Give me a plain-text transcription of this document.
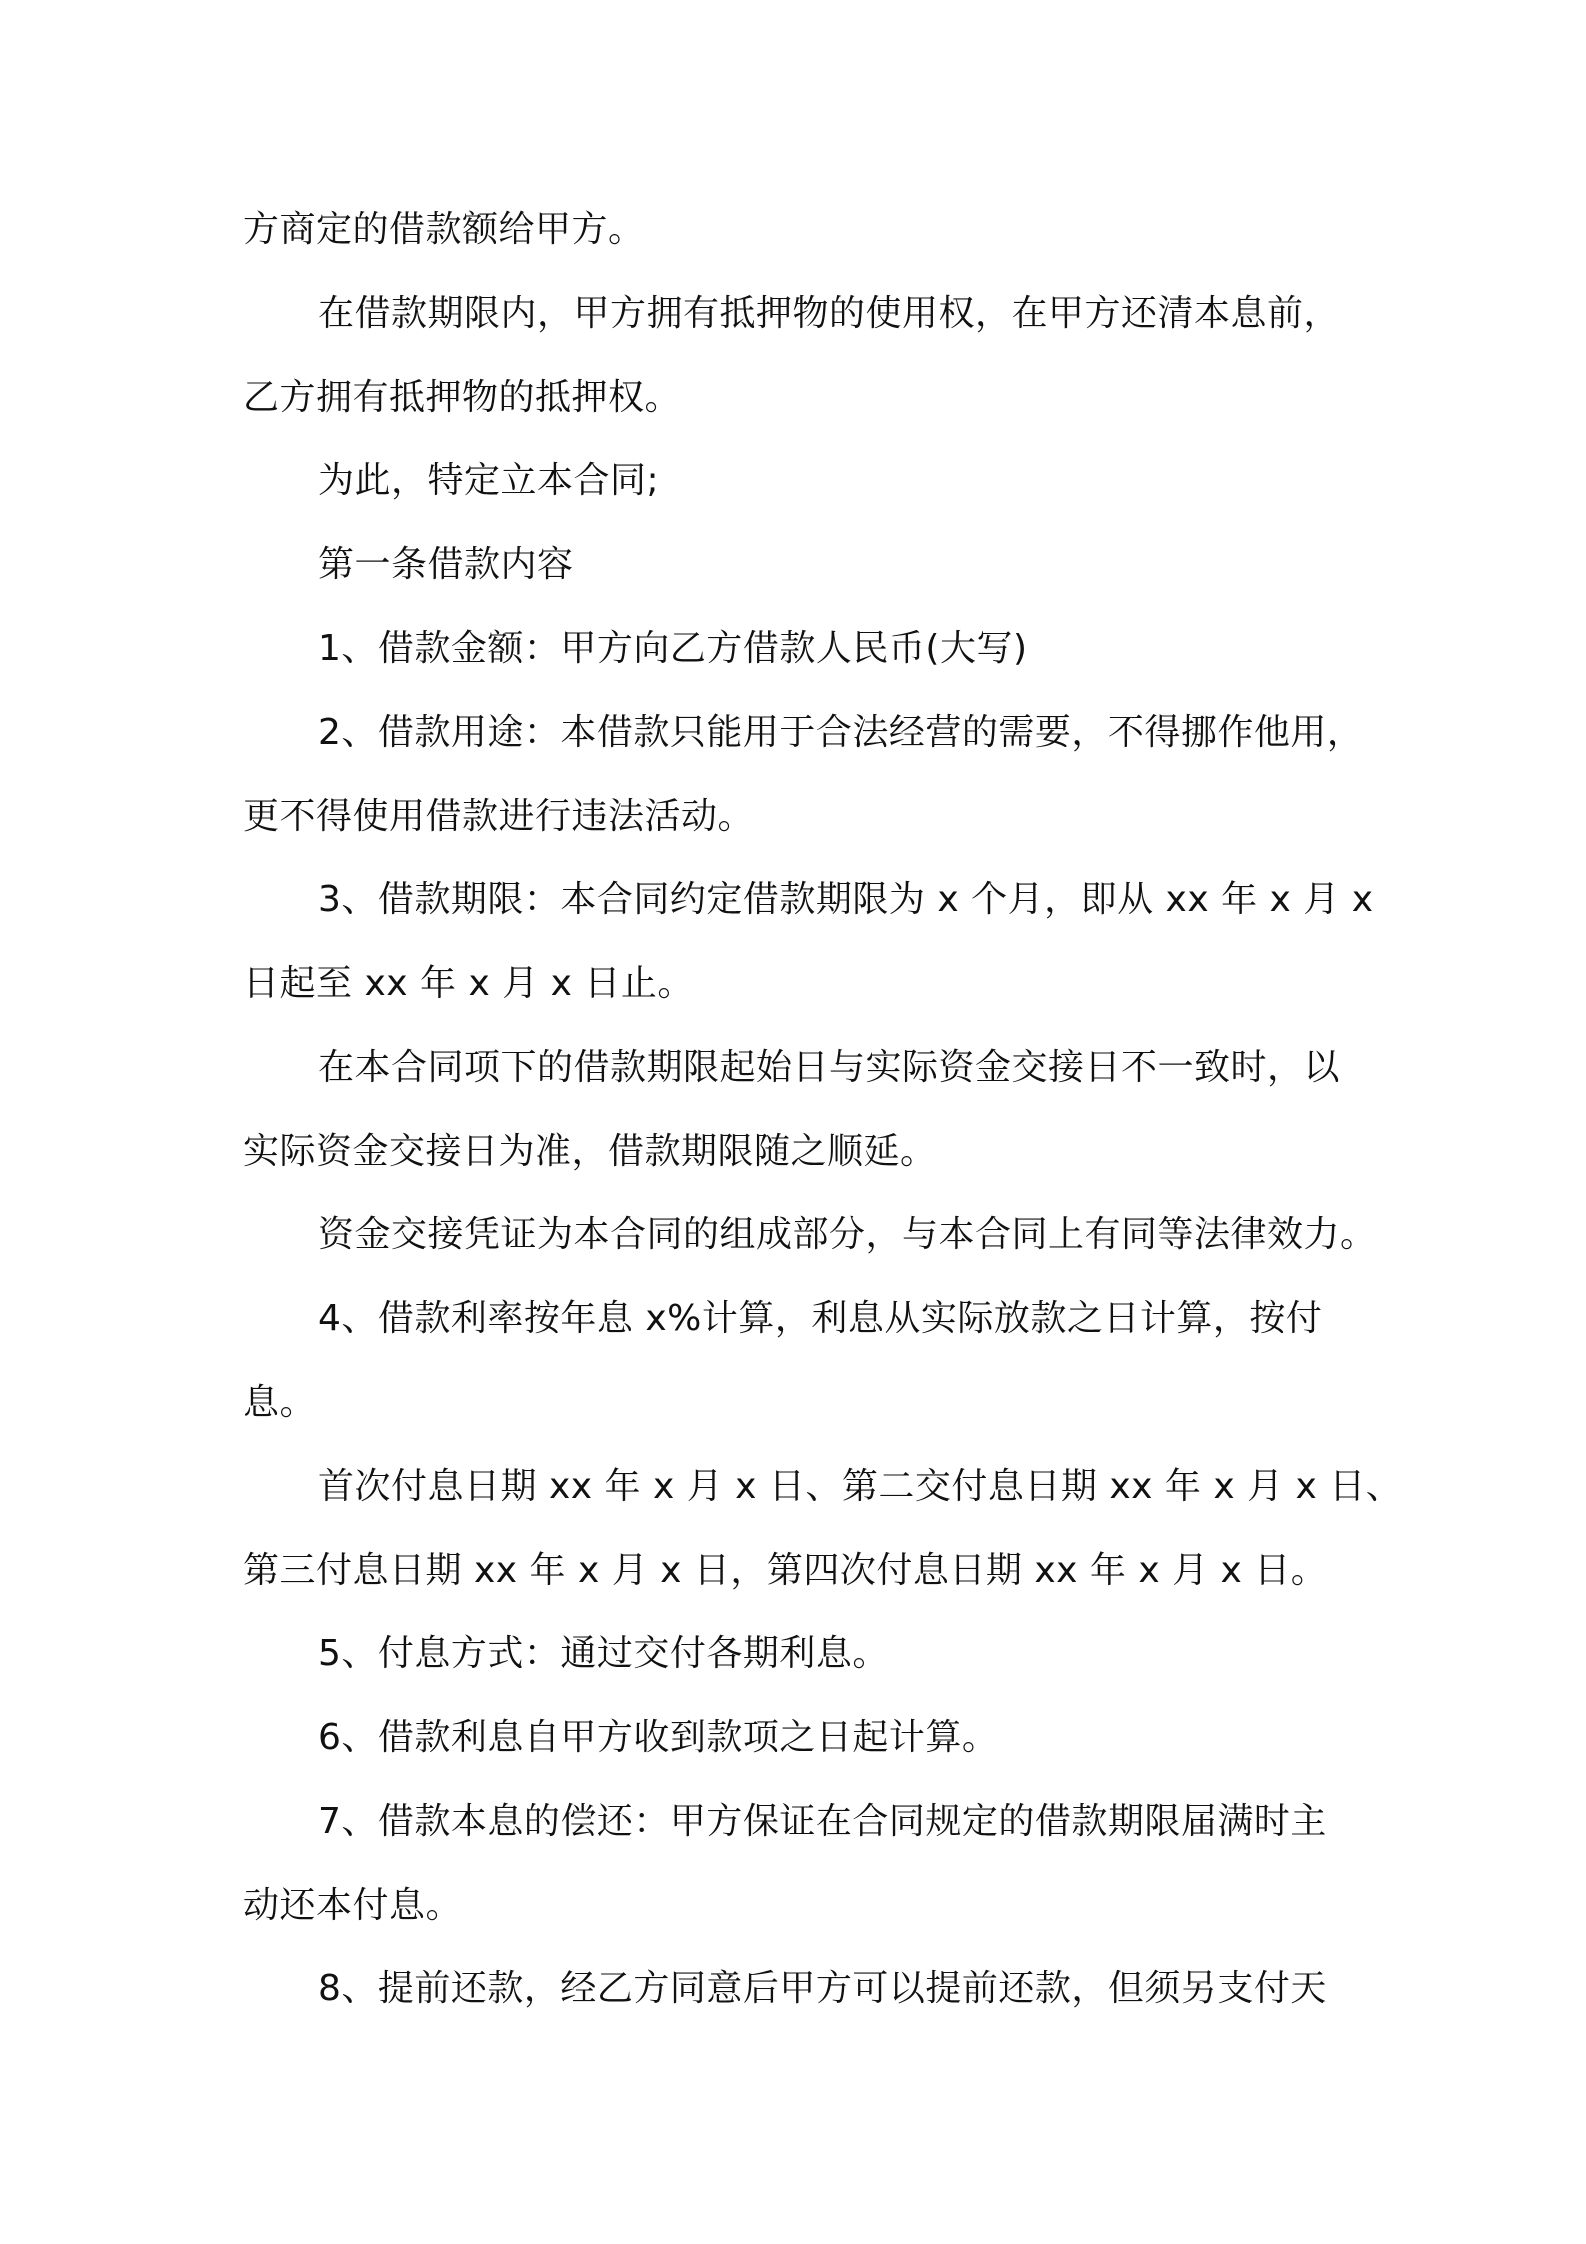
方商定的借款额给甲方。

在借款期限内，甲方拥有抵押物的使用权，在甲方还清本息前，

乙方拥有抵押物的抵押权。

为此，特定立本合同;

第一条借款内容

1、借款金额：甲方向乙方借款人民币(大写)

2、借款用途：本借款只能用于合法经营的需要，不得挪作他用，

更不得使用借款进行违法活动。

3、借款期限：本合同约定借款期限为 x 个月，即从 xx 年 x 月 x

日起至 xx 年 x 月 x 日止。

在本合同项下的借款期限起始日与实际资金交接日不一致时，以

实际资金交接日为准，借款期限随之顺延。

资金交接凭证为本合同的组成部分，与本合同上有同等法律效力。

4、借款利率按年息 x%计算，利息从实际放款之日计算，按付

息。

首次付息日期 xx 年 x 月 x 日、第二交付息日期 xx 年 x 月 x 日、

第三付息日期 xx 年 x 月 x 日，第四次付息日期 xx 年 x 月 x 日。

5、付息方式：通过交付各期利息。

6、借款利息自甲方收到款项之日起计算。

7、借款本息的偿还：甲方保证在合同规定的借款期限届满时主

动还本付息。

8、提前还款，经乙方同意后甲方可以提前还款，但须另支付天
